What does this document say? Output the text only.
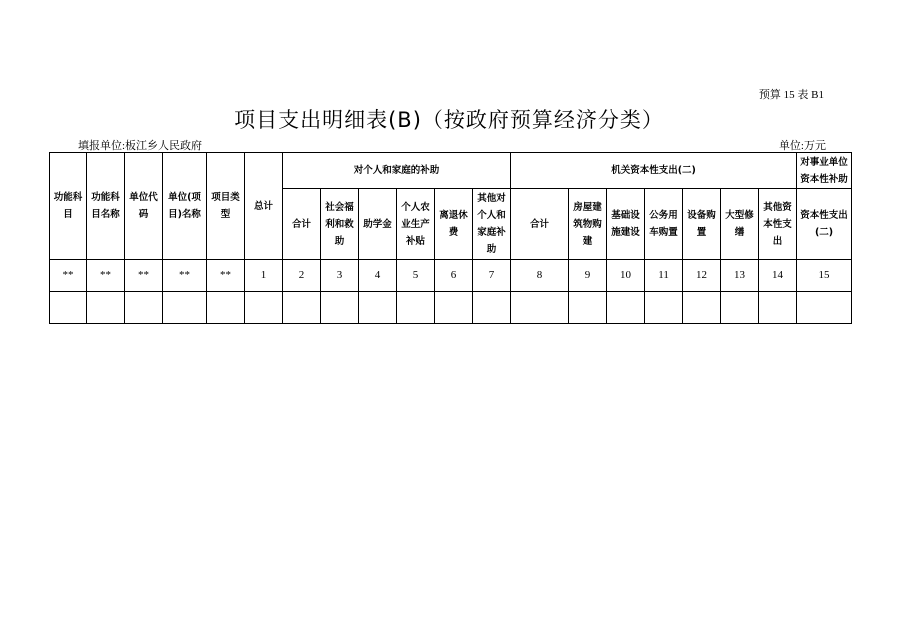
预算 15 表 B1
项目支出明细表(B)（按政府预算经济分类）
填报单位:板江乡人民政府	单位:万元
功能科目	功能科目名称	单位代码	单位(项目)名称	项目类型	总计	对个人和家庭的补助						机关资本性支出(二)							对事业单位资本性补助
						合计	社会福利和救助	助学金	个人农业生产补贴	离退休费	其他对个人和家庭补助	合计	房屋建筑物购建	基础设施建设	公务用车购置	设备购置	大型修缮	其他资本性支出	资本性支出(二)
**	**	**	**	**	1	2	3	4	5	6	7	8	9	10	11	12	13	14	15
